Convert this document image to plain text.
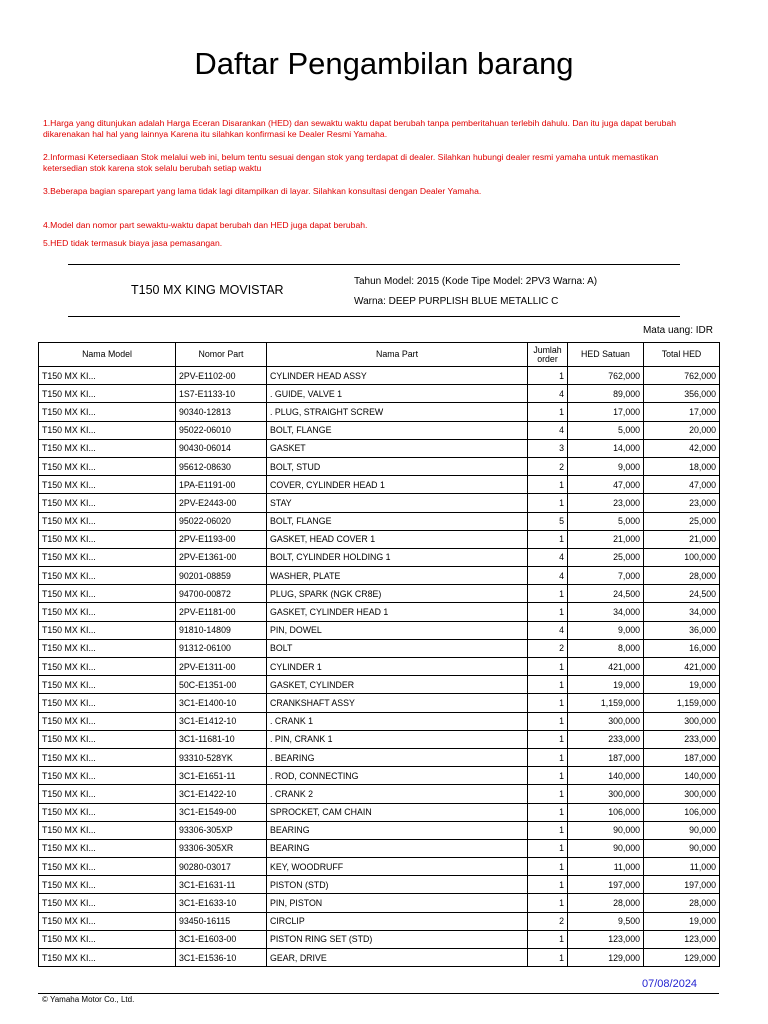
Daftar Pengambilan barang
1.Harga yang ditunjukan adalah Harga Eceran Disarankan (HED) dan sewaktu waktu dapat berubah tanpa pemberitahuan terlebih dahulu. Dan itu juga dapat berubah dikarenakan hal hal yang lainnya Karena itu silahkan konfirmasi ke Dealer Resmi Yamaha.
2.Informasi Ketersediaan Stok melalui web ini, belum tentu sesuai dengan stok yang terdapat di dealer. Silahkan hubungi dealer resmi yamaha untuk memastikan ketersedian stok karena stok selalu berubah setiap waktu
3.Beberapa bagian sparepart yang lama tidak lagi ditampilkan di layar. Silahkan konsultasi dengan Dealer Yamaha.
4.Model dan nomor part sewaktu-waktu dapat berubah dan HED juga dapat berubah.
5.HED tidak termasuk biaya jasa pemasangan.
T150 MX KING MOVISTAR
Tahun Model: 2015 (Kode Tipe Model: 2PV3 Warna: A)
Warna: DEEP PURPLISH BLUE METALLIC C
Mata uang: IDR
Nama Model	Nomor Part	Nama Part	Jumlah order	HED Satuan	Total HED
T150 MX KI...	2PV-E1102-00	CYLINDER HEAD ASSY	1	762,000	762,000
T150 MX KI...	1S7-E1133-10	. GUIDE, VALVE 1	4	89,000	356,000
T150 MX KI...	90340-12813	. PLUG, STRAIGHT SCREW	1	17,000	17,000
T150 MX KI...	95022-06010	BOLT, FLANGE	4	5,000	20,000
T150 MX KI...	90430-06014	GASKET	3	14,000	42,000
T150 MX KI...	95612-08630	BOLT, STUD	2	9,000	18,000
T150 MX KI...	1PA-E1191-00	COVER, CYLINDER HEAD 1	1	47,000	47,000
T150 MX KI...	2PV-E2443-00	STAY	1	23,000	23,000
T150 MX KI...	95022-06020	BOLT, FLANGE	5	5,000	25,000
T150 MX KI...	2PV-E1193-00	GASKET, HEAD COVER 1	1	21,000	21,000
T150 MX KI...	2PV-E1361-00	BOLT, CYLINDER HOLDING 1	4	25,000	100,000
T150 MX KI...	90201-08859	WASHER, PLATE	4	7,000	28,000
T150 MX KI...	94700-00872	PLUG, SPARK (NGK CR8E)	1	24,500	24,500
T150 MX KI...	2PV-E1181-00	GASKET, CYLINDER HEAD 1	1	34,000	34,000
T150 MX KI...	91810-14809	PIN, DOWEL	4	9,000	36,000
T150 MX KI...	91312-06100	BOLT	2	8,000	16,000
T150 MX KI...	2PV-E1311-00	CYLINDER 1	1	421,000	421,000
T150 MX KI...	50C-E1351-00	GASKET, CYLINDER	1	19,000	19,000
T150 MX KI...	3C1-E1400-10	CRANKSHAFT ASSY	1	1,159,000	1,159,000
T150 MX KI...	3C1-E1412-10	. CRANK 1	1	300,000	300,000
T150 MX KI...	3C1-11681-10	. PIN, CRANK 1	1	233,000	233,000
T150 MX KI...	93310-528YK	. BEARING	1	187,000	187,000
T150 MX KI...	3C1-E1651-11	. ROD, CONNECTING	1	140,000	140,000
T150 MX KI...	3C1-E1422-10	. CRANK 2	1	300,000	300,000
T150 MX KI...	3C1-E1549-00	SPROCKET, CAM CHAIN	1	106,000	106,000
T150 MX KI...	93306-305XP	BEARING	1	90,000	90,000
T150 MX KI...	93306-305XR	BEARING	1	90,000	90,000
T150 MX KI...	90280-03017	KEY, WOODRUFF	1	11,000	11,000
T150 MX KI...	3C1-E1631-11	PISTON (STD)	1	197,000	197,000
T150 MX KI...	3C1-E1633-10	PIN, PISTON	1	28,000	28,000
T150 MX KI...	93450-16115	CIRCLIP	2	9,500	19,000
T150 MX KI...	3C1-E1603-00	PISTON RING SET (STD)	1	123,000	123,000
T150 MX KI...	3C1-E1536-10	GEAR, DRIVE	1	129,000	129,000
07/08/2024
© Yamaha Motor Co., Ltd.
